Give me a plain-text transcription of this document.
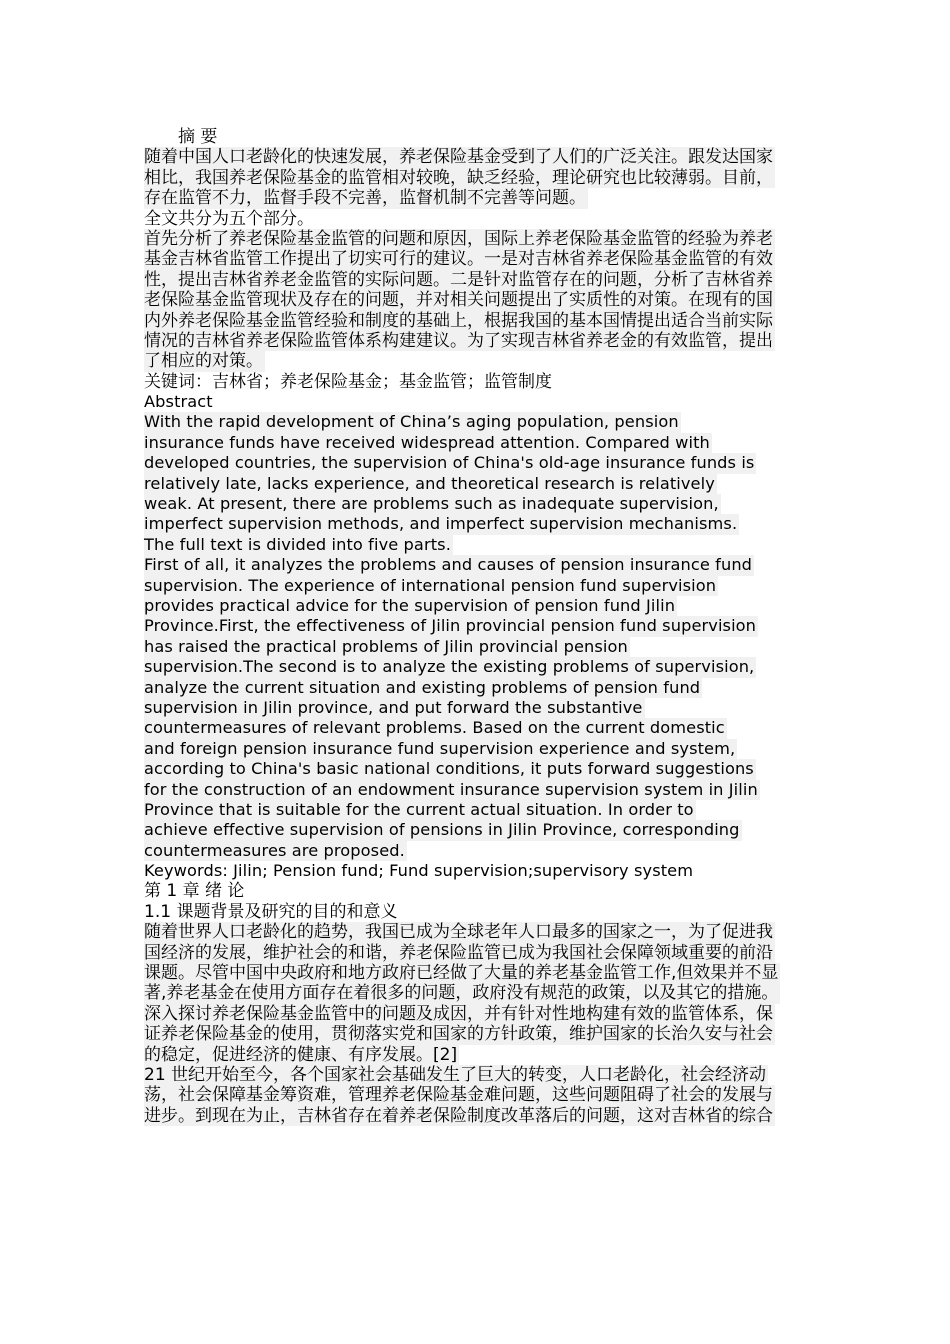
摘 要
随着中国人口老龄化的快速发展，养老保险基金受到了人们的广泛关注。跟发达国家
相比，我国养老保险基金的监管相对较晚，缺乏经验，理论研究也比较薄弱。目前，
存在监管不力，监督手段不完善，监督机制不完善等问题。
全文共分为五个部分。
首先分析了养老保险基金监管的问题和原因，国际上养老保险基金监管的经验为养老
基金吉林省监管工作提出了切实可行的建议。一是对吉林省养老保险基金监管的有效
性，提出吉林省养老金监管的实际问题。二是针对监管存在的问题，分析了吉林省养
老保险基金监管现状及存在的问题，并对相关问题提出了实质性的对策。在现有的国
内外养老保险基金监管经验和制度的基础上，根据我国的基本国情提出适合当前实际
情况的吉林省养老保险监管体系构建建议。为了实现吉林省养老金的有效监管，提出
了相应的对策。
关键词：吉林省；养老保险基金；基金监管；监管制度
Abstract
With the rapid development of China’s aging population, pension
insurance funds have received widespread attention. Compared with
developed countries, the supervision of China's old-age insurance funds is
relatively late, lacks experience, and theoretical research is relatively
weak. At present, there are problems such as inadequate supervision,
imperfect supervision methods, and imperfect supervision mechanisms.
The full text is divided into five parts.
First of all, it analyzes the problems and causes of pension insurance fund
supervision. The experience of international pension fund supervision
provides practical advice for the supervision of pension fund Jilin
Province.First, the effectiveness of Jilin provincial pension fund supervision
has raised the practical problems of Jilin provincial pension
supervision.The second is to analyze the existing problems of supervision,
analyze the current situation and existing problems of pension fund
supervision in Jilin province, and put forward the substantive
countermeasures of relevant problems. Based on the current domestic
and foreign pension insurance fund supervision experience and system,
according to China's basic national conditions, it puts forward suggestions
for the construction of an endowment insurance supervision system in Jilin
Province that is suitable for the current actual situation. In order to
achieve effective supervision of pensions in Jilin Province, corresponding
countermeasures are proposed.
Keywords: Jilin; Pension fund; Fund supervision;supervisory system
第 1 章 绪 论
1.1 课题背景及研究的目的和意义
随着世界人口老龄化的趋势，我国已成为全球老年人口最多的国家之一，为了促进我
国经济的发展，维护社会的和谐，养老保险监管已成为我国社会保障领域重要的前沿
课题。尽管中国中央政府和地方政府已经做了大量的养老基金监管工作,但效果并不显
著,养老基金在使用方面存在着很多的问题，政府没有规范的政策，以及其它的措施。
深入探讨养老保险基金监管中的问题及成因，并有针对性地构建有效的监管体系，保
证养老保险基金的使用，贯彻落实党和国家的方针政策，维护国家的长治久安与社会
的稳定，促进经济的健康、有序发展。[2]
21 世纪开始至今，各个国家社会基础发生了巨大的转变，人口老龄化，社会经济动
荡，社会保障基金筹资难，管理养老保险基金难问题，这些问题阻碍了社会的发展与
进步。到现在为止，吉林省存在着养老保险制度改革落后的问题，这对吉林省的综合
